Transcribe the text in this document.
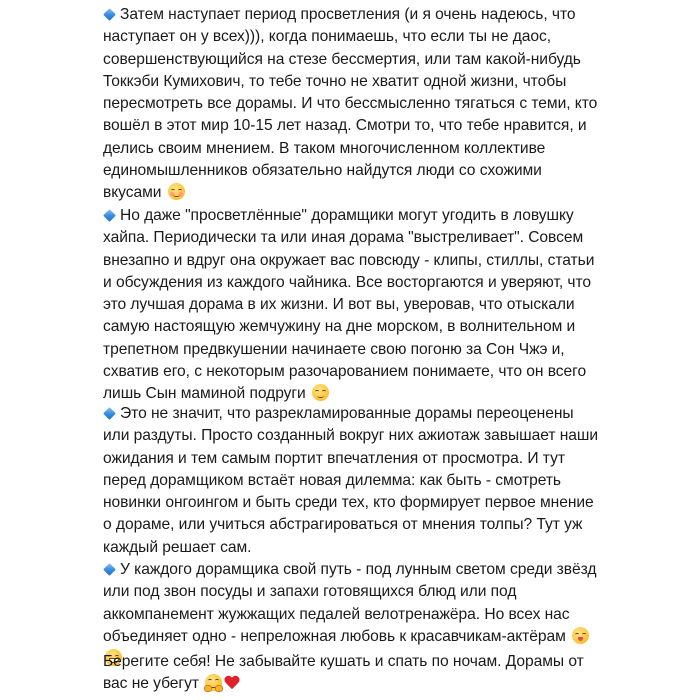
Затем наступает период просветления (и я очень надеюсь, что наступает он у всех))), когда понимаешь, что если ты не даос, совершенствующийся на стезе бессмертия, или там какой-нибудь Токкэби Кумихович, то тебе точно не хватит одной жизни, чтобы пересмотреть все дорамы. И что бессмысленно тягаться с теми, кто вошёл в этот мир 10-15 лет назад. Смотри то, что тебе нравится, и делись своим мнением. В таком многочисленном коллективе единомышленников обязательно найдутся люди со схожими вкусами

Но даже "просветлённые" дорамщики могут угодить в ловушку хайпа. Периодически та или иная дорама "выстреливает". Совсем внезапно и вдруг она окружает вас повсюду - клипы, стиллы, статьи и обсуждения из каждого чайника. Все восторгаются и уверяют, что это лучшая дорама в их жизни. И вот вы, уверовав, что отыскали самую настоящую жемчужину на дне морском, в волнительном и трепетном предвкушении начинаете свою погоню за Сон Чжэ и, схватив его, с некоторым разочарованием понимаете, что он всего лишь Сын маминой подруги

Это не значит, что разрекламированные дорамы переоценены или раздуты. Просто созданный вокруг них ажиотаж завышает наши ожидания и тем самым портит впечатления от просмотра. И тут перед дорамщиком встаёт новая дилемма: как быть - смотреть новинки онгоингом и быть среди тех, кто формирует первое мнение о дораме, или учиться абстрагироваться от мнения толпы? Тут уж каждый решает сам.

У каждого дорамщика свой путь - под лунным светом среди звёзд или под звон посуды и запахи готовящихся блюд или под аккомпанемент жужжащих педалей велотренажёра. Но всех нас объединяет одно - непреложная любовь к красавчикам-актёрам

Берегите себя! Не забывайте кушать и спать по ночам. Дорамы от вас не убегут
